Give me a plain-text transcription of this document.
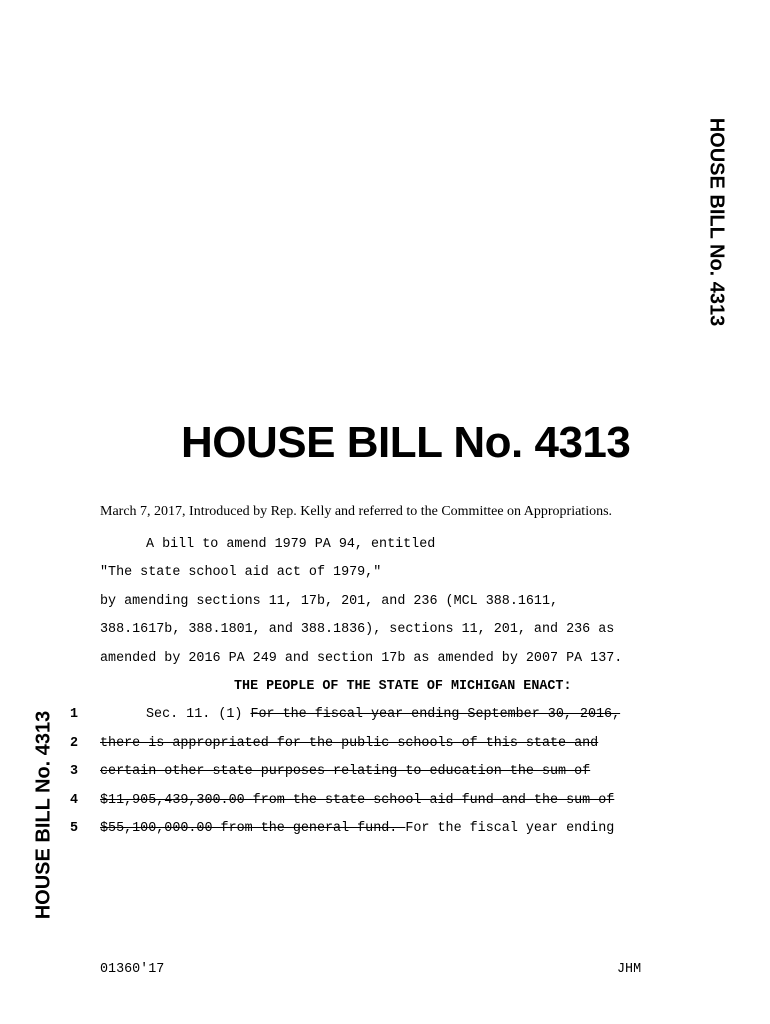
HOUSE BILL No. 4313
HOUSE BILL No. 4313
HOUSE BILL No. 4313
March 7, 2017, Introduced by Rep. Kelly and referred to the Committee on Appropriations.
A bill to amend 1979 PA 94, entitled
"The state school aid act of 1979,"
by amending sections 11, 17b, 201, and 236 (MCL 388.1611,
388.1617b, 388.1801, and 388.1836), sections 11, 201, and 236 as
amended by 2016 PA 249 and section 17b as amended by 2007 PA 137.
THE PEOPLE OF THE STATE OF MICHIGAN ENACT:
1
2
3
4
5
Sec. 11. (1) For the fiscal year ending September 30, 2016,
there is appropriated for the public schools of this state and
certain other state purposes relating to education the sum of
$11,905,439,300.00 from the state school aid fund and the sum of
$55,100,000.00 from the general fund. For the fiscal year ending
01360'17	JHM
